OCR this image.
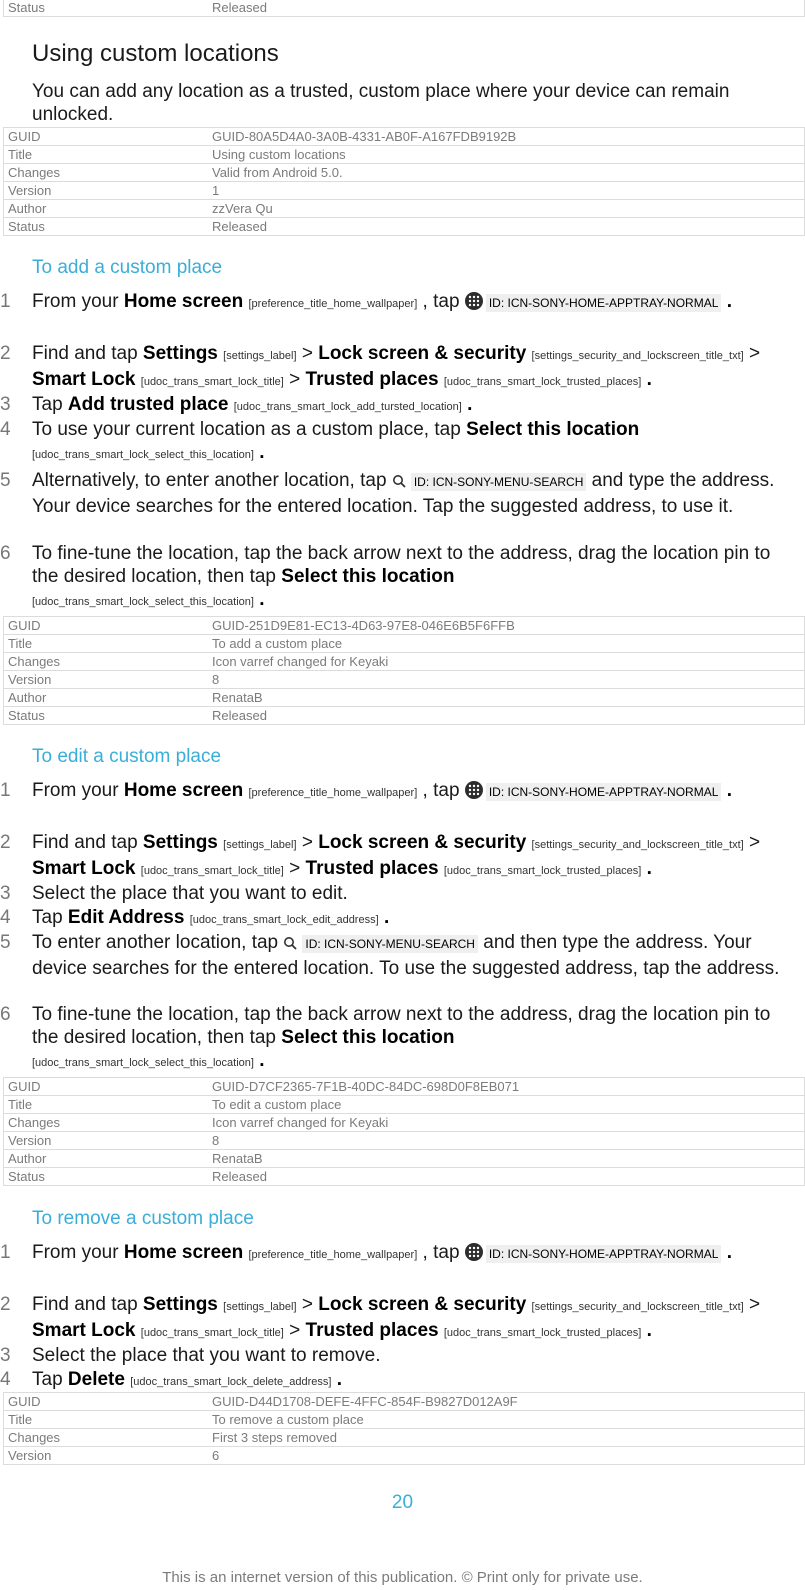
Status	Released
Using custom locations
You can add any location as a trusted, custom place where your device can remain unlocked.
GUID	GUID-80A5D4A0-3A0B-4331-AB0F-A167FDB9192B
Title	Using custom locations
Changes	Valid from Android 5.0.
Version	1
Author	zzVera Qu
Status	Released
To add a custom place
1	From your Home screen [preference_title_home_wallpaper] , tap ID: ICN-SONY-HOME-APPTRAY-NORMAL .
2	Find and tap Settings [settings_label] > Lock screen & security [settings_security_and_lockscreen_title_txt] > Smart Lock [udoc_trans_smart_lock_title] > Trusted places [udoc_trans_smart_lock_trusted_places] .
3	Tap Add trusted place [udoc_trans_smart_lock_add_tursted_location] .
4	To use your current location as a custom place, tap Select this location
[udoc_trans_smart_lock_select_this_location] .
5	Alternatively, to enter another location, tap ID: ICN-SONY-MENU-SEARCH and type the address. Your device searches for the entered location. Tap the suggested address, to use it.
6	To fine-tune the location, tap the back arrow next to the address, drag the location pin to the desired location, then tap Select this location
[udoc_trans_smart_lock_select_this_location] .
GUID	GUID-251D9E81-EC13-4D63-97E8-046E6B5F6FFB
Title	To add a custom place
Changes	Icon varref changed for Keyaki
Version	8
Author	RenataB
Status	Released
To edit a custom place
1	From your Home screen [preference_title_home_wallpaper] , tap ID: ICN-SONY-HOME-APPTRAY-NORMAL .
2	Find and tap Settings [settings_label] > Lock screen & security [settings_security_and_lockscreen_title_txt] > Smart Lock [udoc_trans_smart_lock_title] > Trusted places [udoc_trans_smart_lock_trusted_places] .
3	Select the place that you want to edit.
4	Tap Edit Address [udoc_trans_smart_lock_edit_address] .
5	To enter another location, tap ID: ICN-SONY-MENU-SEARCH and then type the address. Your device searches for the entered location. To use the suggested address, tap the address.
6	To fine-tune the location, tap the back arrow next to the address, drag the location pin to the desired location, then tap Select this location
[udoc_trans_smart_lock_select_this_location] .
GUID	GUID-D7CF2365-7F1B-40DC-84DC-698D0F8EB071
Title	To edit a custom place
Changes	Icon varref changed for Keyaki
Version	8
Author	RenataB
Status	Released
To remove a custom place
1	From your Home screen [preference_title_home_wallpaper] , tap ID: ICN-SONY-HOME-APPTRAY-NORMAL .
2	Find and tap Settings [settings_label] > Lock screen & security [settings_security_and_lockscreen_title_txt] > Smart Lock [udoc_trans_smart_lock_title] > Trusted places [udoc_trans_smart_lock_trusted_places] .
3	Select the place that you want to remove.
4	Tap Delete [udoc_trans_smart_lock_delete_address] .
GUID	GUID-D44D1708-DEFE-4FFC-854F-B9827D012A9F
Title	To remove a custom place
Changes	First 3 steps removed
Version	6
20
This is an internet version of this publication. © Print only for private use.
